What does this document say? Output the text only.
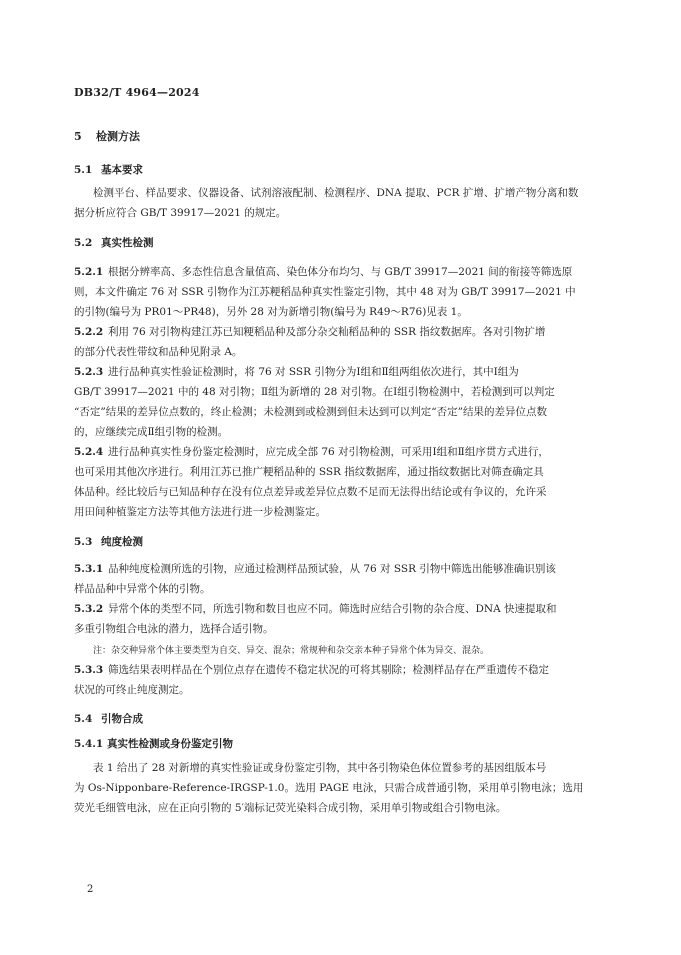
DB32/T 4964—2024
5 检测方法
5.1 基本要求
检测平台、样品要求、仪器设备、试剂溶液配制、检测程序、DNA 提取、PCR 扩增、扩增产物分离和数
据分析应符合 GB/T 39917—2021 的规定。
5.2 真实性检测
5.2.1 根据分辨率高、多态性信息含量值高、染色体分布均匀、与 GB/T 39917—2021 间的衔接等筛选原
则，本文件确定 76 对 SSR 引物作为江苏粳稻品种真实性鉴定引物，其中 48 对为 GB/T 39917—2021 中
的引物(编号为 PR01～PR48)，另外 28 对为新增引物(编号为 R49～R76)见表 1。
5.2.2 利用 76 对引物构建江苏已知粳稻品种及部分杂交籼稻品种的 SSR 指纹数据库。各对引物扩增
的部分代表性带纹和品种见附录 A。
5.2.3 进行品种真实性验证检测时，将 76 对 SSR 引物分为Ⅰ组和Ⅱ组两组依次进行，其中Ⅰ组为
GB/T 39917—2021 中的 48 对引物；Ⅱ组为新增的 28 对引物。在Ⅰ组引物检测中，若检测到可以判定
“否定”结果的差异位点数的，终止检测；未检测到或检测到但未达到可以判定“否定”结果的差异位点数
的，应继续完成Ⅱ组引物的检测。
5.2.4 进行品种真实性身份鉴定检测时，应完成全部 76 对引物检测，可采用Ⅰ组和Ⅱ组序贯方式进行，
也可采用其他次序进行。利用江苏已推广粳稻品种的 SSR 指纹数据库，通过指纹数据比对筛查确定具
体品种。经比较后与已知品种存在没有位点差异或差异位点数不足而无法得出结论或有争议的，允许采
用田间种植鉴定方法等其他方法进行进一步检测鉴定。
5.3 纯度检测
5.3.1 品种纯度检测所选的引物，应通过检测样品预试验，从 76 对 SSR 引物中筛选出能够准确识别该
样品品种中异常个体的引物。
5.3.2 异常个体的类型不同，所选引物和数目也应不同。筛选时应结合引物的杂合度、DNA 快速提取和
多重引物组合电泳的潜力，选择合适引物。
注：杂交种异常个体主要类型为自交、异交、混杂；常规种和杂交亲本种子异常个体为异交、混杂。
5.3.3 筛选结果表明样品在个别位点存在遗传不稳定状况的可将其剔除；检测样品存在严重遗传不稳定
状况的可终止纯度测定。
5.4 引物合成
5.4.1 真实性检测或身份鉴定引物
表 1 给出了 28 对新增的真实性验证或身份鉴定引物，其中各引物染色体位置参考的基因组版本号
为 Os-Nipponbare-Reference-IRGSP-1.0。选用 PAGE 电泳，只需合成普通引物，采用单引物电泳；选用
荧光毛细管电泳，应在正向引物的 5′端标记荧光染料合成引物，采用单引物或组合引物电泳。
2
